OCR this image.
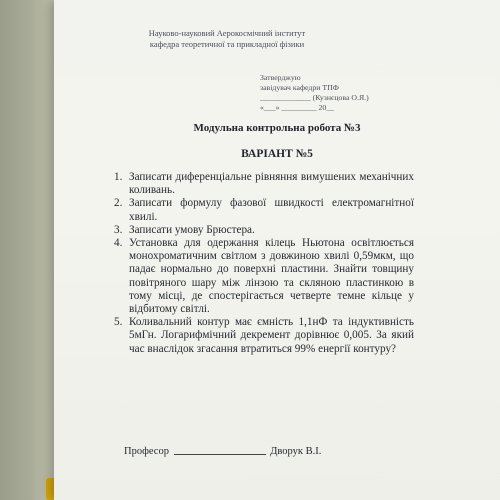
Науково-науковий Аерокосмічний інститут
кафедра теоретичної та прикладної фізики
Затверджую
завідувач кафедри ТПФ
_____________ (Кузнєцова О.Я.)
«___» _________ 20__
Модульна контрольна робота №3
ВАРІАНТ №5
1. Записати диференціальне рівняння вимушених механічних коливань.
2. Записати формулу фазової швидкості електромагнітної хвилі.
3. Записати умову Брюстера.
4. Установка для одержання кілець Ньютона освітлюється монохроматичним світлом з довжиною хвилі 0,59мкм, що падає нормально до поверхні пластини. Знайти товщину повітряного шару між лінзою та скляною пластинкою в тому місці, де спостерігається четверте темне кільце у відбитому світлі.
5. Коливальний контур має ємність 1,1нФ та індуктивність 5мГн. Логарифмічний декремент дорівнює 0,005. За який час внаслідок згасання втратиться 99% енергії контуру?
Професор	Дворук В.І.
